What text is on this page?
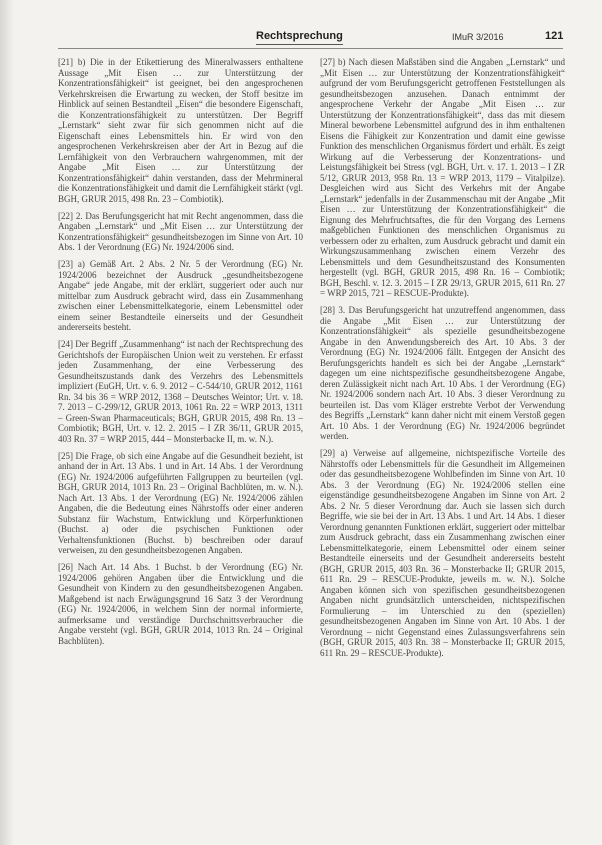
Rechtsprechung	IMuR 3/2016	121

[21] b) Die in der Etikettierung des Mineralwassers enthaltene Aussage „Mit Eisen … zur Unterstützung der Konzentrationsfähigkeit“ ist geeignet, bei den angesprochenen Verkehrskreisen die Erwartung zu wecken, der Stoff besitze im Hinblick auf seinen Bestandteil „Eisen“ die besondere Eigenschaft, die Konzentrationsfähigkeit zu unterstützen. Der Begriff „Lernstark“ sieht zwar für sich genommen nicht auf die Eigenschaft eines Lebensmittels hin. Er wird von den angesprochenen Verkehrskreisen aber der Art in Bezug auf die Lernfähigkeit von den Verbrauchern wahrgenommen, mit der Angabe „Mit Eisen … zur Unterstützung der Konzentrationsfähigkeit“ dahin verstanden, dass der Mehrmineral die Konzentrationsfähigkeit und damit die Lernfähigkeit stärkt (vgl. BGH, GRUR 2015, 498 Rn. 23 – Combiotik).

[22] 2. Das Berufungsgericht hat mit Recht angenommen, dass die Angaben „Lernstark“ und „Mit Eisen … zur Unterstützung der Konzentrationsfähigkeit“ gesundheitsbezogen im Sinne von Art. 10 Abs. 1 der Verordnung (EG) Nr. 1924/2006 sind.

[23] a) Gemäß Art. 2 Abs. 2 Nr. 5 der Verordnung (EG) Nr. 1924/2006 bezeichnet der Ausdruck „gesundheitsbezogene Angabe“ jede Angabe, mit der erklärt, suggeriert oder auch nur mittelbar zum Ausdruck gebracht wird, dass ein Zusammenhang zwischen einer Lebensmittelkategorie, einem Lebensmittel oder einem seiner Bestandteile einerseits und der Gesundheit andererseits besteht.

[24] Der Begriff „Zusammenhang“ ist nach der Rechtsprechung des Gerichtshofs der Europäischen Union weit zu verstehen. Er erfasst jeden Zusammenhang, der eine Verbesserung des Gesundheitszustands dank des Verzehrs des Lebensmittels impliziert (EuGH, Urt. v. 6. 9. 2012 – C‑544/10, GRUR 2012, 1161 Rn. 34 bis 36 = WRP 2012, 1368 – Deutsches Weintor; Urt. v. 18. 7. 2013 – C‑299/12, GRUR 2013, 1061 Rn. 22 = WRP 2013, 1311 – Green‑Swan Pharmaceuticals; BGH, GRUR 2015, 498 Rn. 13 – Combiotik; BGH, Urt. v. 12. 2. 2015 – I ZR 36/11, GRUR 2015, 403 Rn. 37 = WRP 2015, 444 – Monsterbacke II, m. w. N.).

[25] Die Frage, ob sich eine Angabe auf die Gesundheit bezieht, ist anhand der in Art. 13 Abs. 1 und in Art. 14 Abs. 1 der Verordnung (EG) Nr. 1924/2006 aufgeführten Fallgruppen zu beurteilen (vgl. BGH, GRUR 2014, 1013 Rn. 23 – Original Bachblüten, m. w. N.). Nach Art. 13 Abs. 1 der Verordnung (EG) Nr. 1924/2006 zählen Angaben, die die Bedeutung eines Nährstoffs oder einer anderen Substanz für Wachstum, Entwicklung und Körperfunktionen (Buchst. a) oder die psychischen Funktionen oder Verhaltensfunktionen (Buchst. b) beschreiben oder darauf verweisen, zu den gesundheitsbezogenen Angaben.

[26] Nach Art. 14 Abs. 1 Buchst. b der Verordnung (EG) Nr. 1924/2006 gehören Angaben über die Entwicklung und die Gesundheit von Kindern zu den gesundheitsbezogenen Angaben. Maßgebend ist nach Erwägungsgrund 16 Satz 3 der Verordnung (EG) Nr. 1924/2006, in welchem Sinn der normal informierte, aufmerksame und verständige Durchschnittsverbraucher die Angabe versteht (vgl. BGH, GRUR 2014, 1013 Rn. 24 – Original Bachblüten).

[27] b) Nach diesen Maßstäben sind die Angaben „Lernstark“ und „Mit Eisen … zur Unterstützung der Konzentrationsfähigkeit“ aufgrund der vom Berufungsgericht getroffenen Feststellungen als gesundheitsbezogen anzusehen. Danach entnimmt der angesprochene Verkehr der Angabe „Mit Eisen … zur Unterstützung der Konzentrationsfähigkeit“, dass das mit diesem Mineral beworbene Lebensmittel aufgrund des in ihm enthaltenen Eisens die Fähigkeit zur Konzentration und damit eine gewisse Funktion des menschlichen Organismus fördert und erhält. Es zeigt Wirkung auf die Verbesserung der Konzentrations- und Leistungsfähigkeit bei Stress (vgl. BGH, Urt. v. 17. 1. 2013 – I ZR 5/12, GRUR 2013, 958 Rn. 13 = WRP 2013, 1179 – Vitalpilze). Desgleichen wird aus Sicht des Verkehrs mit der Angabe „Lernstark“ jedenfalls in der Zusammenschau mit der Angabe „Mit Eisen … zur Unterstützung der Konzentrationsfähigkeit“ die Eignung des Mehrfruchtsaftes, die für den Vorgang des Lernens maßgeblichen Funktionen des menschlichen Organismus zu verbessern oder zu erhalten, zum Ausdruck gebracht und damit ein Wirkungszusammenhang zwischen einem Verzehr des Lebensmittels und dem Gesundheitszustand des Konsumenten hergestellt (vgl. BGH, GRUR 2015, 498 Rn. 16 – Combiotik; BGH, Beschl. v. 12. 3. 2015 – I ZR 29/13, GRUR 2015, 611 Rn. 27 = WRP 2015, 721 – RESCUE‑Produkte).

[28] 3. Das Berufungsgericht hat unzutreffend angenommen, dass die Angabe „Mit Eisen … zur Unterstützung der Konzentrationsfähigkeit“ als spezielle gesundheitsbezogene Angabe in den Anwendungsbereich des Art. 10 Abs. 3 der Verordnung (EG) Nr. 1924/2006 fällt. Entgegen der Ansicht des Berufungsgerichts handelt es sich bei der Angabe „Lernstark“ dagegen um eine nichtspezifische gesundheitsbezogene Angabe, deren Zulässigkeit nicht nach Art. 10 Abs. 1 der Verordnung (EG) Nr. 1924/2006 sondern nach Art. 10 Abs. 3 dieser Verordnung zu beurteilen ist. Das vom Kläger erstrebte Verbot der Verwendung des Begriffs „Lernstark“ kann daher nicht mit einem Verstoß gegen Art. 10 Abs. 1 der Verordnung (EG) Nr. 1924/2006 begründet werden.

[29] a) Verweise auf allgemeine, nichtspezifische Vorteile des Nährstoffs oder Lebensmittels für die Gesundheit im Allgemeinen oder das gesundheitsbezogene Wohlbefinden im Sinne von Art. 10 Abs. 3 der Verordnung (EG) Nr. 1924/2006 stellen eine eigenständige gesundheitsbezogene Angaben im Sinne von Art. 2 Abs. 2 Nr. 5 dieser Verordnung dar. Auch sie lassen sich durch Begriffe, wie sie bei der in Art. 13 Abs. 1 und Art. 14 Abs. 1 dieser Verordnung genannten Funktionen erklärt, suggeriert oder mittelbar zum Ausdruck gebracht, dass ein Zusammenhang zwischen einer Lebensmittelkategorie, einem Lebensmittel oder einem seiner Bestandteile einerseits und der Gesundheit andererseits besteht (BGH, GRUR 2015, 403 Rn. 36 – Monsterbacke II; GRUR 2015, 611 Rn. 29 – RESCUE‑Produkte, jeweils m. w. N.). Solche Angaben können sich von spezifischen gesundheitsbezogenen Angaben nicht grundsätzlich unterscheiden, nichtspezifischen Formulierung – im Unterschied zu den (speziellen) gesundheitsbezogenen Angaben im Sinne von Art. 10 Abs. 1 der Verordnung – nicht Gegenstand eines Zulassungsverfahrens sein (BGH, GRUR 2015, 403 Rn. 38 – Monsterbacke II; GRUR 2015, 611 Rn. 29 – RESCUE‑Produkte).
